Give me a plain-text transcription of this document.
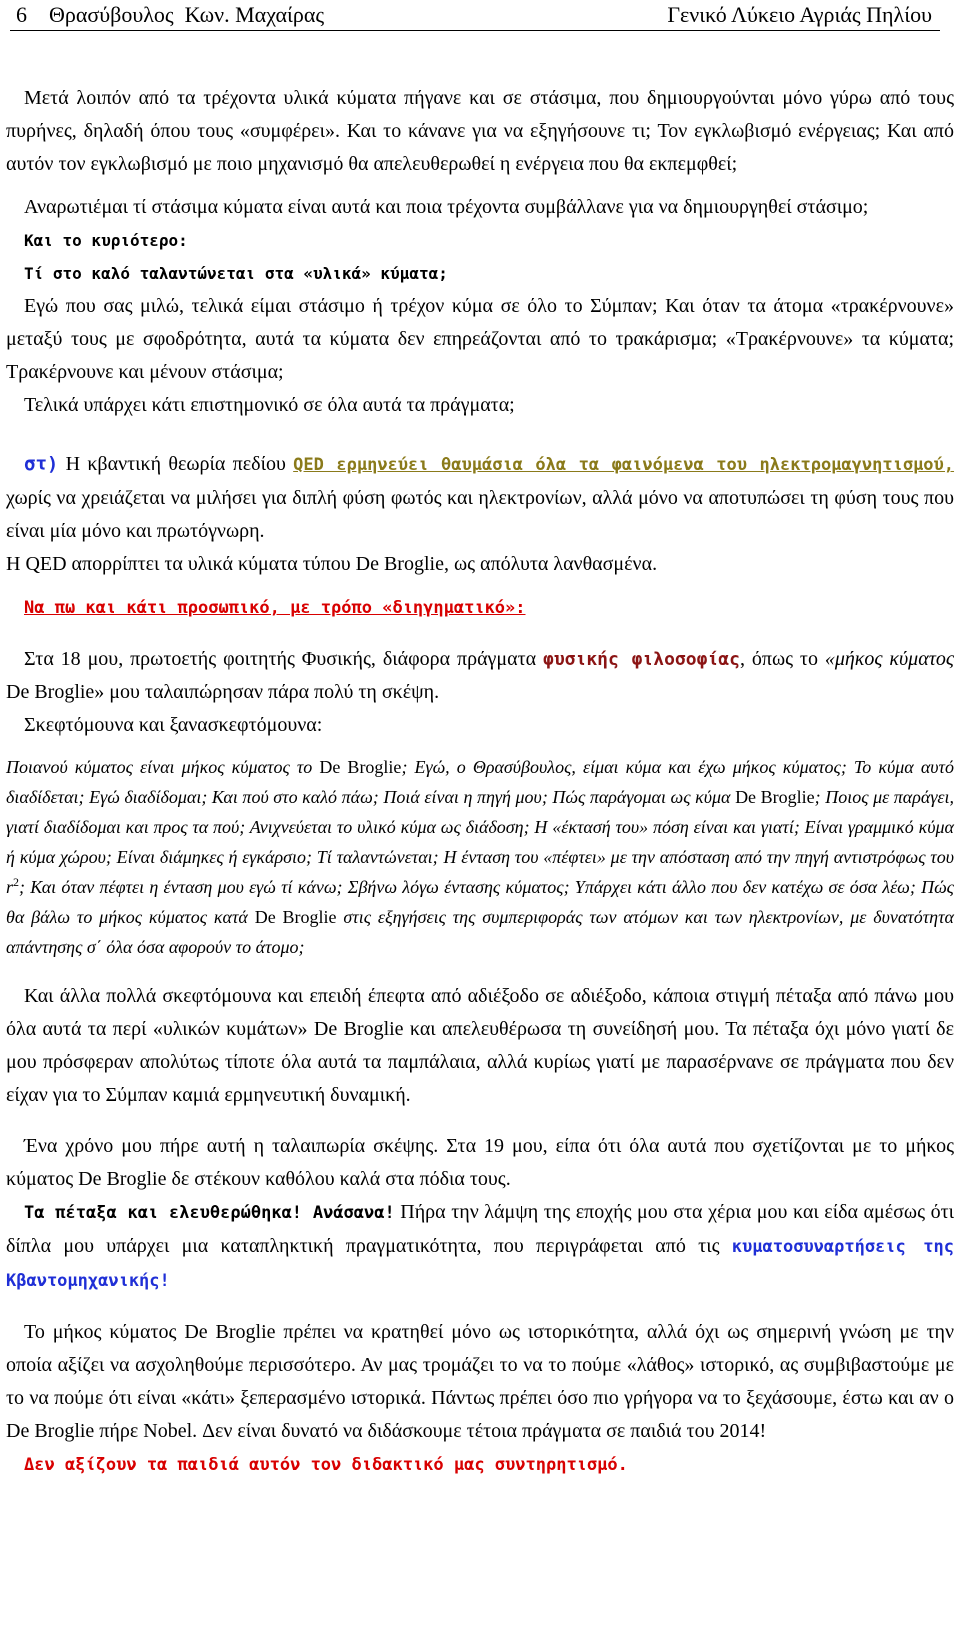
6    Θρασύβουλος  Κων. Μαχαίρας	Γενικό Λύκειο Αγριάς Πηλίου

Μετά λοιπόν από τα τρέχοντα υλικά κύματα πήγανε και σε στάσιμα, που δημιουργούνται μόνο γύρω από τους πυρήνες, δηλαδή όπου τους «συμφέρει». Και το κάνανε για να εξηγήσουνε τι; Τον εγκλωβισμό ενέργειας; Και από αυτόν τον εγκλωβισμό με ποιο μηχανισμό θα απελευθερωθεί η ενέργεια που θα εκπεμφθεί;

Αναρωτιέμαι τί στάσιμα κύματα είναι αυτά και ποια τρέχοντα συμβάλλανε για να δημιουργηθεί στάσιμο;

Και το κυριότερο:

Τί στο καλό ταλαντώνεται στα «υλικά» κύματα;

Εγώ που σας μιλώ, τελικά είμαι στάσιμο ή τρέχον κύμα σε όλο το Σύμπαν; Και όταν τα άτομα «τρακέρνουνε» μεταξύ τους με σφοδρότητα, αυτά τα κύματα δεν επηρεάζονται από το τρακάρισμα; «Τρακέρνουνε» τα κύματα; Τρακέρνουνε και μένουν στάσιμα;

Τελικά υπάρχει κάτι επιστημονικό σε όλα αυτά τα πράγματα;

στ) Η κβαντική θεωρία πεδίου QED ερμηνεύει θαυμάσια όλα τα φαινόμενα του ηλεκτρομαγνητισμού, χωρίς να χρειάζεται να μιλήσει για διπλή φύση φωτός και ηλεκτρονίων, αλλά μόνο να αποτυπώσει τη φύση τους που είναι μία μόνο και πρωτόγνωρη.

Η QED απορρίπτει τα υλικά κύματα τύπου De Broglie, ως απόλυτα λανθασμένα.

Να πω και κάτι προσωπικό, με τρόπο «διηγηματικό»:

Στα 18 μου, πρωτοετής φοιτητής Φυσικής, διάφορα πράγματα φυσικής φιλοσοφίας, όπως το «μήκος κύματος De Broglie» μου ταλαιπώρησαν πάρα πολύ τη σκέψη.

Σκεφτόμουνα και ξανασκεφτόμουνα:

Ποιανού κύματος είναι μήκος κύματος το De Broglie; Εγώ, ο Θρασύβουλος, είμαι κύμα και έχω μήκος κύματος; Το κύμα αυτό διαδίδεται; Εγώ διαδίδομαι; Και πού στο καλό πάω; Ποιά είναι η πηγή μου; Πώς παράγομαι ως κύμα De Broglie; Ποιος με παράγει, γιατί διαδίδομαι και προς τα πού; Ανιχνεύεται το υλικό κύμα ως διάδοση; Η «έκτασή του» πόση είναι και γιατί; Είναι γραμμικό κύμα ή κύμα χώρου; Είναι διάμηκες ή εγκάρσιο; Τί ταλαντώνεται; Η ένταση του «πέφτει» με την απόσταση από την πηγή αντιστρόφως του $r^2$; Και όταν πέφτει η ένταση μου εγώ τί κάνω; Σβήνω λόγω έντασης κύματος; Υπάρχει κάτι άλλο που δεν κατέχω σε όσα λέω; Πώς θα βάλω το μήκος κύματος κατά De Broglie στις εξηγήσεις της συμπεριφοράς των ατόμων και των ηλεκτρονίων, με δυνατότητα απάντησης σ΄ όλα όσα αφορούν το άτομο;

Και άλλα πολλά σκεφτόμουνα και επειδή έπεφτα από αδιέξοδο σε αδιέξοδο, κάποια στιγμή πέταξα από πάνω μου όλα αυτά τα περί «υλικών κυμάτων» De Broglie και απελευθέρωσα τη συνείδησή μου. Τα πέταξα όχι μόνο γιατί δε μου πρόσφεραν απολύτως τίποτε όλα αυτά τα παμπάλαια, αλλά κυρίως γιατί με παρασέρνανε σε πράγματα που δεν είχαν για το Σύμπαν καμιά ερμηνευτική δυναμική.

Ένα χρόνο μου πήρε αυτή η ταλαιπωρία σκέψης. Στα 19 μου, είπα ότι όλα αυτά που σχετίζονται με το μήκος κύματος De Broglie δε στέκουν καθόλου καλά στα πόδια τους.

Τα πέταξα και ελευθερώθηκα! Ανάσανα! Πήρα την λάμψη της εποχής μου στα χέρια μου και είδα αμέσως ότι δίπλα μου υπάρχει μια καταπληκτική πραγματικότητα, που περιγράφεται από τις κυματοσυναρτήσεις της Κβαντομηχανικής!

Το μήκος κύματος De Broglie πρέπει να κρατηθεί μόνο ως ιστορικότητα, αλλά όχι ως σημερινή γνώση με την οποία αξίζει να ασχοληθούμε περισσότερο. Αν μας τρομάζει το να το πούμε «λάθος» ιστορικό, ας συμβιβαστούμε με το να πούμε ότι είναι «κάτι» ξεπερασμένο ιστορικά. Πάντως πρέπει όσο πιο γρήγορα να το ξεχάσουμε, έστω και αν ο De Broglie πήρε Nobel. Δεν είναι δυνατό να διδάσκουμε τέτοια πράγματα σε παιδιά του 2014!

Δεν αξίζουν τα παιδιά αυτόν τον διδακτικό μας συντηρητισμό.
